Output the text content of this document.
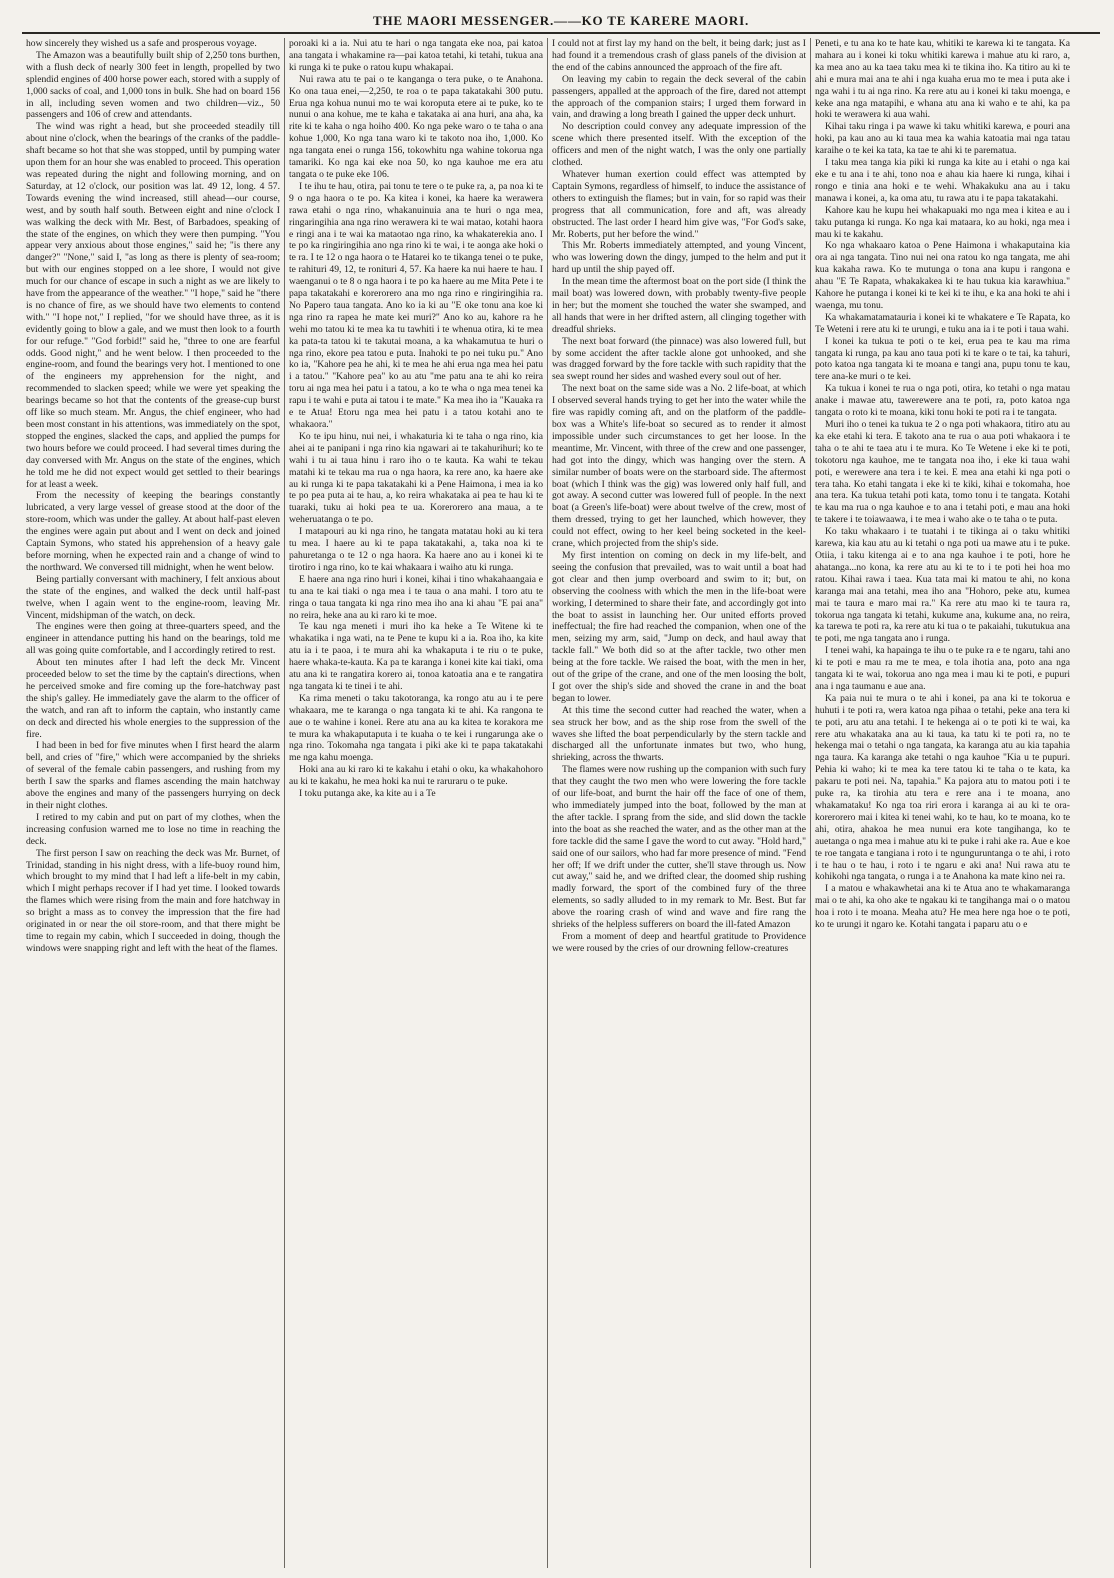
THE MAORI MESSENGER.——KO TE KARERE MAORI.

how sincerely they wished us a safe and prosperous voyage.

The Amazon was a beautifully built ship of 2,250 tons burthen, with a flush deck of nearly 300 feet in length, propelled by two splendid engines of 400 horse power each, stored with a supply of 1,000 sacks of coal, and 1,000 tons in bulk. She had on board 156 in all, including seven women and two children—viz., 50 passengers and 106 of crew and attendants.

The wind was right a head, but she proceeded steadily till about nine o'clock, when the bearings of the cranks of the paddle-shaft became so hot that she was stopped, until by pumping water upon them for an hour she was enabled to proceed. This operation was repeated during the night and following morning, and on Saturday, at 12 o'clock, our position was lat. 49 12, long. 4 57. Towards evening the wind increased, still ahead—our course, west, and by south half south. Between eight and nine o'clock I was walking the deck with Mr. Best, of Barbadoes, speaking of the state of the engines, on which they were then pumping. "You appear very anxious about those engines," said he; "is there any danger?" "None," said I, "as long as there is plenty of sea-room; but with our engines stopped on a lee shore, I would not give much for our chance of escape in such a night as we are likely to have from the appearance of the weather." "I hope," said he "there is no chance of fire, as we should have two elements to contend with." "I hope not," I replied, "for we should have three, as it is evidently going to blow a gale, and we must then look to a fourth for our refuge." "God forbid!" said he, "three to one are fearful odds. Good night," and he went below. I then proceeded to the engine-room, and found the bearings very hot. I mentioned to one of the engineers my apprehension for the night, and recommended to slacken speed; while we were yet speaking the bearings became so hot that the contents of the grease-cup burst off like so much steam. Mr. Angus, the chief engineer, who had been most constant in his attentions, was immediately on the spot, stopped the engines, slacked the caps, and applied the pumps for two hours before we could proceed. I had several times during the day conversed with Mr. Angus on the state of the engines, which he told me he did not expect would get settled to their bearings for at least a week.

From the necessity of keeping the bearings constantly lubricated, a very large vessel of grease stood at the door of the store-room, which was under the galley. At about half-past eleven the engines were again put about and I went on deck and joined Captain Symons, who stated his apprehension of a heavy gale before morning, when he expected rain and a change of wind to the northward. We conversed till midnight, when he went below.

Being partially conversant with machinery, I felt anxious about the state of the engines, and walked the deck until half-past twelve, when I again went to the engine-room, leaving Mr. Vincent, midshipman of the watch, on deck.

The engines were then going at three-quarters speed, and the engineer in attendance putting his hand on the bearings, told me all was going quite comfortable, and I accordingly retired to rest.

About ten minutes after I had left the deck Mr. Vincent proceeded below to set the time by the captain's directions, when he perceived smoke and fire coming up the fore-hatchway past the ship's galley. He immediately gave the alarm to the officer of the watch, and ran aft to inform the captain, who instantly came on deck and directed his whole energies to the suppression of the fire.

I had been in bed for five minutes when I first heard the alarm bell, and cries of "fire," which were accompanied by the shrieks of several of the female cabin passengers, and rushing from my berth I saw the sparks and flames ascending the main hatchway above the engines and many of the passengers hurrying on deck in their night clothes.

I retired to my cabin and put on part of my clothes, when the increasing confusion warned me to lose no time in reaching the deck.

The first person I saw on reaching the deck was Mr. Burnet, of Trinidad, standing in his night dress, with a life-buoy round him, which brought to my mind that I had left a life-belt in my cabin, which I might perhaps recover if I had yet time. I looked towards the flames which were rising from the main and fore hatchway in so bright a mass as to convey the impression that the fire had originated in or near the oil store-room, and that there might be time to regain my cabin, which I succeeded in doing, though the windows were snapping right and left with the heat of the flames.

poroaki ki a ia. Nui atu te hari o nga tangata eke noa, pai katoa ana tangata i whakamine ra—pai katoa tetahi, ki tetahi, tukua ana ki runga ki te puke o ratou kupu whakapai.

Nui rawa atu te pai o te kanganga o tera puke, o te Anahona. Ko ona taua enei,—2,250, te roa o te papa takatakahi 300 putu. Erua nga kohua nunui mo te wai koroputa etere ai te puke, ko te nunui o ana kohue, me te kaha e takataka ai ana huri, ana aha, ka rite ki te kaha o nga hoiho 400. Ko nga peke waro o te taha o ana kohue 1,000, Ko nga tana waro ki te takoto noa iho, 1,000. Ko nga tangata enei o runga 156, tokowhitu nga wahine tokorua nga tamariki. Ko nga kai eke noa 50, ko nga kauhoe me era atu tangata o te puke eke 106.

I te ihu te hau, otira, pai tonu te tere o te puke ra, a, pa noa ki te 9 o nga haora o te po. Ka kitea i konei, ka haere ka werawera rawa etahi o nga rino, whakanuinuia ana te huri o nga mea, ringaringihia ana nga rino werawera ki te wai matao, kotahi haora e ringi ana i te wai ka mataotao nga rino, ka whakaterekia ano. I te po ka ringiringihia ano nga rino ki te wai, i te aonga ake hoki o te ra. I te 12 o nga haora o te Hatarei ko te tikanga tenei o te puke, te rahituri 49, 12, te ronituri 4, 57. Ka haere ka nui haere te hau. I waenganui o te 8 o nga haora i te po ka haere au me Mita Pete i te papa takatakahi e korerorero ana mo nga rino e ringiringihia ra. No Papero taua tangata. Ano ko ia ki au "E oke tonu ana koe ki nga rino ra rapea he mate kei muri?" Ano ko au, kahore ra he wehi mo tatou ki te mea ka tu tawhiti i te whenua otira, ki te mea ka pata-ta tatou ki te takutai moana, a ka whakamutua te huri o nga rino, ekore pea tatou e puta. Inahoki te po nei tuku pu." Ano ko ia, "Kahore pea he ahi, ki te mea he ahi erua nga mea hei patu i a tatou." "Kahore pea" ko au atu "me patu ana te ahi ko reira toru ai nga mea hei patu i a tatou, a ko te wha o nga mea tenei ka rapu i te wahi e puta ai tatou i te mate." Ka mea iho ia "Kauaka ra e te Atua! Etoru nga mea hei patu i a tatou kotahi ano te whakaora."

Ko te ipu hinu, nui nei, i whakaturia ki te taha o nga rino, kia ahei ai te panipani i nga rino kia ngawari ai te takahurihuri; ko te wahi i tu ai taua hinu i raro iho o te kauta. Ka wahi te tekau matahi ki te tekau ma rua o nga haora, ka rere ano, ka haere ake au ki runga ki te papa takatakahi ki a Pene Haimona, i mea ia ko te po pea puta ai te hau, a, ko reira whakataka ai pea te hau ki te tuaraki, tuku ai hoki pea te ua. Korerorero ana maua, a te weheruatanga o te po.

I matapouri au ki nga rino, he tangata matatau hoki au ki tera tu mea. I haere au ki te papa takatakahi, a, taka noa ki te pahuretanga o te 12 o nga haora. Ka haere ano au i konei ki te tirotiro i nga rino, ko te kai whakaara i waiho atu ki runga.

E haere ana nga rino huri i konei, kihai i tino whakahaangaia e tu ana te kai tiaki o nga mea i te taua o ana mahi. I toro atu te ringa o taua tangata ki nga rino mea iho ana ki ahau "E pai ana" no reira, heke ana au ki raro ki te moe.

Te kau nga meneti i muri iho ka heke a Te Witene ki te whakatika i nga wati, na te Pene te kupu ki a ia. Roa iho, ka kite atu ia i te paoa, i te mura ahi ka whakaputa i te riu o te puke, haere whaka-te-kauta. Ka pa te karanga i konei kite kai tiaki, oma atu ana ki te rangatira korero ai, tonoa katoatia ana e te rangatira nga tangata ki te tinei i te ahi.

Ka rima meneti o taku takotoranga, ka rongo atu au i te pere whakaara, me te karanga o nga tangata ki te ahi. Ka rangona te aue o te wahine i konei. Rere atu ana au ka kitea te korakora me te mura ka whakaputaputa i te kuaha o te kei i rungarunga ake o nga rino. Tokomaha nga tangata i piki ake ki te papa takatakahi me nga kahu moenga.

Hoki ana au ki raro ki te kakahu i etahi o oku, ka whakahohoro au ki te kakahu, he mea hoki ka nui te raruraru o te puke.

I toku putanga ake, ka kite au i a Te

I could not at first lay my hand on the belt, it being dark; just as I had found it a tremendous crash of glass panels of the division at the end of the cabins announced the approach of the fire aft.

On leaving my cabin to regain the deck several of the cabin passengers, appalled at the approach of the fire, dared not attempt the approach of the companion stairs; I urged them forward in vain, and drawing a long breath I gained the upper deck unhurt.

No description could convey any adequate impression of the scene which there presented itself. With the exception of the officers and men of the night watch, I was the only one partially clothed.

Whatever human exertion could effect was attempted by Captain Symons, regardless of himself, to induce the assistance of others to extinguish the flames; but in vain, for so rapid was their progress that all communication, fore and aft, was already obstructed. The last order I heard him give was, "For God's sake, Mr. Roberts, put her before the wind."

This Mr. Roberts immediately attempted, and young Vincent, who was lowering down the dingy, jumped to the helm and put it hard up until the ship payed off.

In the mean time the aftermost boat on the port side (I think the mail boat) was lowered down, with probably twenty-five people in her; but the moment she touched the water she swamped, and all hands that were in her drifted astern, all clinging together with dreadful shrieks.

The next boat forward (the pinnace) was also lowered full, but by some accident the after tackle alone got unhooked, and she was dragged forward by the fore tackle with such rapidity that the sea swept round her sides and washed every soul out of her.

The next boat on the same side was a No. 2 life-boat, at which I observed several hands trying to get her into the water while the fire was rapidly coming aft, and on the platform of the paddle-box was a White's life-boat so secured as to render it almost impossible under such circumstances to get her loose. In the meantime, Mr. Vincent, with three of the crew and one passenger, had got into the dingy, which was hanging over the stern. A similar number of boats were on the starboard side. The aftermost boat (which I think was the gig) was lowered only half full, and got away. A second cutter was lowered full of people. In the next boat (a Green's life-boat) were about twelve of the crew, most of them dressed, trying to get her launched, which however, they could not effect, owing to her keel being socketed in the keel-crane, which projected from the ship's side.

My first intention on coming on deck in my life-belt, and seeing the confusion that prevailed, was to wait until a boat had got clear and then jump overboard and swim to it; but, on observing the coolness with which the men in the life-boat were working, I determined to share their fate, and accordingly got into the boat to assist in launching her. Our united efforts proved ineffectual; the fire had reached the companion, when one of the men, seizing my arm, said, "Jump on deck, and haul away that tackle fall." We both did so at the after tackle, two other men being at the fore tackle. We raised the boat, with the men in her, out of the gripe of the crane, and one of the men loosing the bolt, I got over the ship's side and shoved the crane in and the boat began to lower.

At this time the second cutter had reached the water, when a sea struck her bow, and as the ship rose from the swell of the waves she lifted the boat perpendicularly by the stern tackle and discharged all the unfortunate inmates but two, who hung, shrieking, across the thwarts.

The flames were now rushing up the companion with such fury that they caught the two men who were lowering the fore tackle of our life-boat, and burnt the hair off the face of one of them, who immediately jumped into the boat, followed by the man at the after tackle. I sprang from the side, and slid down the tackle into the boat as she reached the water, and as the other man at the fore tackle did the same I gave the word to cut away. "Hold hard," said one of our sailors, who had far more presence of mind. "Fend her off; If we drift under the cutter, she'll stave through us. Now cut away," said he, and we drifted clear, the doomed ship rushing madly forward, the sport of the combined fury of the three elements, so sadly alluded to in my remark to Mr. Best. But far above the roaring crash of wind and wave and fire rang the shrieks of the helpless sufferers on board the ill-fated Amazon

From a moment of deep and heartful gratitude to Providence we were roused by the cries of our drowning fellow-creatures

Peneti, e tu ana ko te hate kau, whitiki te karewa ki te tangata. Ka mahara au i konei ki toku whitiki karewa i mahue atu ki raro, a, ka mea ano au ka taea taku mea ki te tikina iho. Ka titiro au ki te ahi e mura mai ana te ahi i nga kuaha erua mo te mea i puta ake i nga wahi i tu ai nga rino. Ka rere atu au i konei ki taku moenga, e keke ana nga matapihi, e whana atu ana ki waho e te ahi, ka pa hoki te werawera ki aua wahi.

Kihai taku ringa i pa wawe ki taku whitiki karewa, e pouri ana hoki, pa kau ano au ki taua mea ka wahia katoatia mai nga tatau karaihe o te kei ka tata, ka tae te ahi ki te parematua.

I taku mea tanga kia piki ki runga ka kite au i etahi o nga kai eke e tu ana i te ahi, tono noa e ahau kia haere ki runga, kihai i rongo e tinia ana hoki e te wehi. Whakakuku ana au i taku manawa i konei, a, ka oma atu, tu rawa atu i te papa takatakahi.

Kahore kau he kupu hei whakapuaki mo nga mea i kitea e au i taku putanga ki runga. Ko nga kai mataara, ko au hoki, nga mea i mau ki te kakahu.

Ko nga whakaaro katoa o Pene Haimona i whakaputaina kia ora ai nga tangata. Tino nui nei ona ratou ko nga tangata, me ahi kua kakaha rawa. Ko te mutunga o tona ana kupu i rangona e ahau "E Te Rapata, whakakakea ki te hau tukua kia karawhiua." Kahore he putanga i konei ki te kei ki te ihu, e ka ana hoki te ahi i waenga, mu tonu.

Ka whakamatamatauria i konei ki te whakatere e Te Rapata, ko Te Weteni i rere atu ki te urungi, e tuku ana ia i te poti i taua wahi.

I konei ka tukua te poti o te kei, erua pea te kau ma rima tangata ki runga, pa kau ano taua poti ki te kare o te tai, ka tahuri, poto katoa nga tangata ki te moana e tangi ana, pupu tonu te kau, tere ana-ke muri o te kei.

Ka tukua i konei te rua o nga poti, otira, ko tetahi o nga matau anake i mawae atu, tawerewere ana te poti, ra, poto katoa nga tangata o roto ki te moana, kiki tonu hoki te poti ra i te tangata.

Muri iho o tenei ka tukua te 2 o nga poti whakaora, titiro atu au ka eke etahi ki tera. E takoto ana te rua o aua poti whakaora i te taha o te ahi te taea atu i te mura. Ko Te Wetene i eke ki te poti, tokotoru nga kauhoe, me te tangata noa iho, i eke ki taua wahi poti, e werewere ana tera i te kei. E mea ana etahi ki nga poti o tera taha. Ko etahi tangata i eke ki te kiki, kihai e tokomaha, hoe ana tera. Ka tukua tetahi poti kata, tomo tonu i te tangata. Kotahi te kau ma rua o nga kauhoe e to ana i tetahi poti, e mau ana hoki te takere i te toiawaawa, i te mea i waho ake o te taha o te puta.

Ko taku whakaaro i te tuatahi i te tikinga ai o taku whitiki karewa, kia kau atu au ki tetahi o nga poti ua mawe atu i te puke. Otiia, i taku kitenga ai e to ana nga kauhoe i te poti, hore he ahatanga...no kona, ka rere atu au ki te to i te poti hei hoa mo ratou. Kihai rawa i taea. Kua tata mai ki matou te ahi, no kona karanga mai ana tetahi, mea iho ana "Hohoro, peke atu, kumea mai te taura e maro mai ra." Ka rere atu mao ki te taura ra, tokorua nga tangata ki tetahi, kukume ana, kukume ana, no reira, ka tarewa te poti ra, ka rere atu ki tua o te pakaiahi, tukutukua ana te poti, me nga tangata ano i runga.

I tenei wahi, ka hapainga te ihu o te puke ra e te ngaru, tahi ano ki te poti e mau ra me te mea, e tola ihotia ana, poto ana nga tangata ki te wai, tokorua ano nga mea i mau ki te poti, e pupuri ana i nga taumanu e aue ana.

Ka paia nui te mura o te ahi i konei, pa ana ki te tokorua e huhuti i te poti ra, wera katoa nga pihaa o tetahi, peke ana tera ki te poti, aru atu ana tetahi. I te hekenga ai o te poti ki te wai, ka rere atu whakataka ana au ki taua, ka tatu ki te poti ra, no te hekenga mai o tetahi o nga tangata, ka karanga atu au kia tapahia nga taura. Ka karanga ake tetahi o nga kauhoe "Kia u te pupuri. Pehia ki waho; ki te mea ka tere tatou ki te taha o te kata, ka pakaru te poti nei. Na, tapahia." Ka pajora atu to matou poti i te puke ra, ka tirohia atu tera e rere ana i te moana, ano whakamataku! Ko nga toa riri erora i karanga ai au ki te ora-korerorero mai i kitea ki tenei wahi, ko te hau, ko te moana, ko te ahi, otira, ahakoa he mea nunui era kote tangihanga, ko te auetanga o nga mea i mahue atu ki te puke i rahi ake ra. Aue e koe te roe tangata e tangiana i roto i te ngunguruntanga o te ahi, i roto i te hau o te hau, i roto i te ngaru e aki ana! Nui rawa atu te kohikohi nga tangata, o runga i a te Anahona ka mate kino nei ra.

I a matou e whakawhetai ana ki te Atua ano te whakamaranga mai o te ahi, ka oho ake te ngakau ki te tangihanga mai o o matou hoa i roto i te moana. Meaha atu? He mea here nga hoe o te poti, ko te urungi it ngaro ke. Kotahi tangata i paparu atu o e
